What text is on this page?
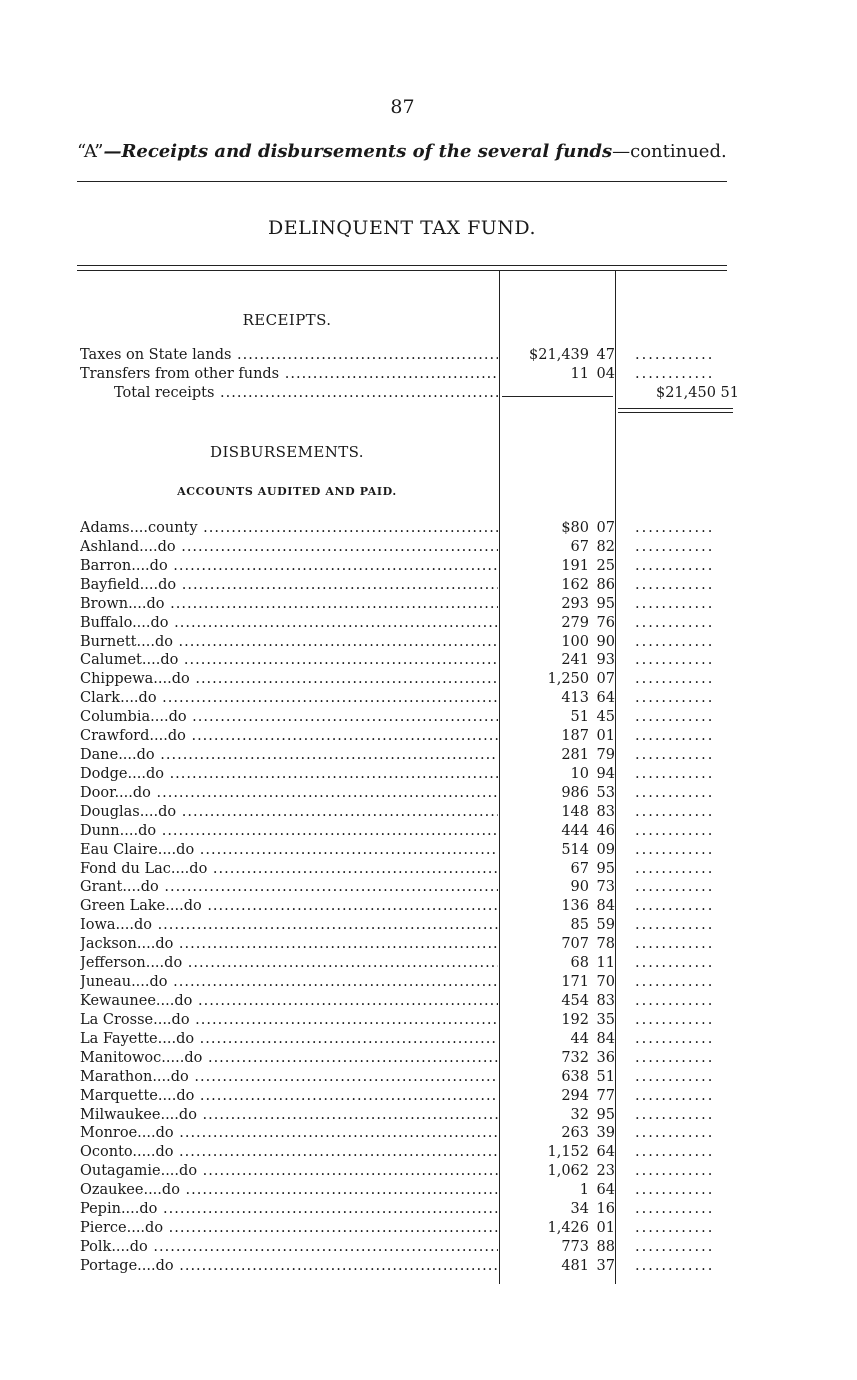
87
“A”—Receipts and disbursements of the several funds—continued.
DELINQUENT TAX FUND.
RECEIPTS.
Taxes on State lands .....	$21,439 47 ............
Transfers from other funds .....	11 04 ............
Total receipts .....	$21,450 51
DISBURSEMENTS.
ACCOUNTS AUDITED AND PAID.
Adams....county .....	$80 07 ............
Ashland....do .....	67 82 ............
Barron....do .....	191 25 ............
Bayfield....do .....	162 86 ............
Brown....do .....	293 95 ............
Buffalo....do .....	279 76 ............
Burnett....do .....	100 90 ............
Calumet....do .....	241 93 ............
Chippewa....do .....	1,250 07 ............
Clark....do .....	413 64 ............
Columbia....do .....	51 45 ............
Crawford....do .....	187 01 ............
Dane....do .....	281 79 ............
Dodge....do .....	10 94 ............
Door....do .....	986 53 ............
Douglas....do .....	148 83 ............
Dunn....do .....	444 46 ............
Eau Claire....do .....	514 09 ............
Fond du Lac....do .....	67 95 ............
Grant....do .....	90 73 ............
Green Lake....do .....	136 84 ............
Iowa....do .....	85 59 ............
Jackson....do .....	707 78 ............
Jefferson....do .....	68 11 ............
Juneau....do .....	171 70 ............
Kewaunee....do .....	454 83 ............
La Crosse....do .....	192 35 ............
La Fayette....do .....	44 84 ............
Manitowoc.....do .....	732 36 ............
Marathon....do .....	638 51 ............
Marquette....do .....	294 77 ............
Milwaukee....do .....	32 95 ............
Monroe....do .....	263 39 ............
Oconto.....do .....	1,152 64 ............
Outagamie....do .....	1,062 23 ............
Ozaukee....do .....	1 64 ............
Pepin....do .....	34 16 ............
Pierce....do .....	1,426 01 ............
Polk....do .....	773 88 ............
Portage....do .....	481 37 ............
